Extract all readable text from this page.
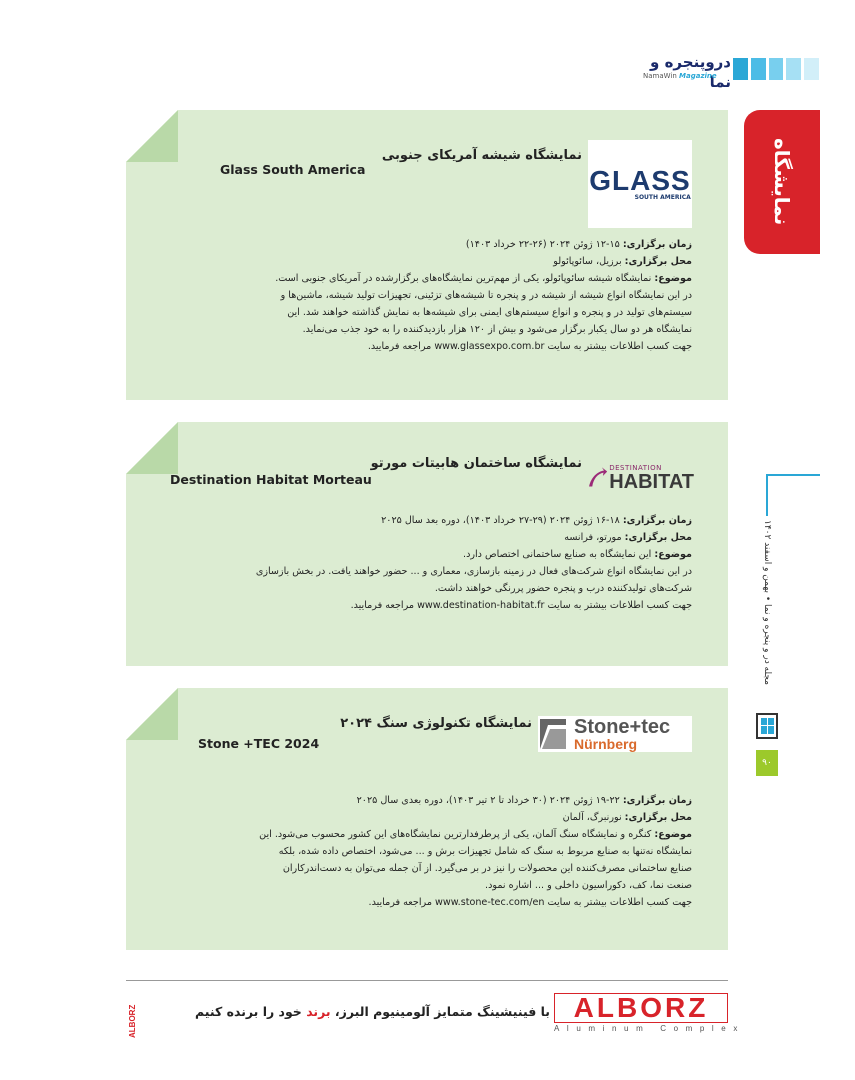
دروپنجره و نما
NamaWin Magazine
نمایشگاه
مجله در و پنجره و نما • بهمن و اسفند ۱۴۰۲
۹۰
GLASS
SOUTH AMERICA
نمایشگاه شیشه آمریکای جنوبی
Glass South America

زمان برگزاری: ۱۵-۱۲ ژوئن ۲۰۲۴ (۲۶-۲۲ خرداد ۱۴۰۳)

محل برگزاری: برزیل، سائوپائولو

موضوع: نمایشگاه شیشه سائوپائولو، یکی از مهم‌ترین نمایشگاه‌های برگزار‌شده در آمریکای جنوبی است.

در این نمایشگاه انواع شیشه از شیشه در و پنجره تا شیشه‌های تزئینی، تجهیزات تولید شیشه، ماشین‌ها و

سیستم‌های تولید در و پنجره و انواع سیستم‌های ایمنی برای شیشه‌ها به نمایش گذاشته خواهند شد. این

نمایشگاه هر دو سال یکبار برگزار می‌شود و بیش از ۱۲۰ هزار بازدیدکننده را به خود جذب می‌نماید.

جهت کسب اطلاعات بیشتر به سایت www.glassexpo.com.br مراجعه فرمایید.

DESTINATION
HABITAT
نمایشگاه ساختمان هابیتات مورتو
Destination Habitat Morteau

زمان برگزاری: ۱۸-۱۶ ژوئن ۲۰۲۴ (۲۹-۲۷ خرداد ۱۴۰۳)، دوره بعد سال ۲۰۲۵

محل برگزاری: مورتو، فرانسه

موضوع: این نمایشگاه به صنایع ساختمانی اختصاص دارد.

در این نمایشگاه انواع شرکت‌های فعال در زمینه بازسازی، معماری و ... حضور خواهند یافت. در بخش بازسازی

شرکت‌های تولیدکننده درب و پنجره حضور پررنگی خواهند داشت.

جهت کسب اطلاعات بیشتر به سایت www.destination-habitat.fr مراجعه فرمایید.

Stone+tec
Nürnberg
نمایشگاه تکنولوژی سنگ ۲۰۲۴
Stone +TEC 2024

زمان برگزاری: ۲۲-۱۹ ژوئن ۲۰۲۴ (۳۰ خرداد تا ۲ تیر ۱۴۰۳)، دوره بعدی سال ۲۰۲۵

محل برگزاری: نورنبرگ، آلمان

موضوع: کنگره و نمایشگاه سنگ آلمان، یکی از پرطرفدارترین نمایشگاه‌های این کشور محسوب می‌شود. این

نمایشگاه نه‌تنها به صنایع مربوط به سنگ که شامل تجهیزات برش و ... می‌شود، اختصاص داده شده، بلکه

صنایع ساختمانی مصرف‌کننده این محصولات را نیز در بر می‌گیرد. از آن جمله می‌توان به دست‌اندرکاران

صنعت نما، کف، دکوراسیون داخلی و ... اشاره نمود.

جهت کسب اطلاعات بیشتر به سایت www.stone-tec.com/en مراجعه فرمایید.

ALBORZ	با فینیشینگ متمایز آلومینیوم البرز، برند خود را برنده کنیم	ALBORZ
Aluminum Complex
